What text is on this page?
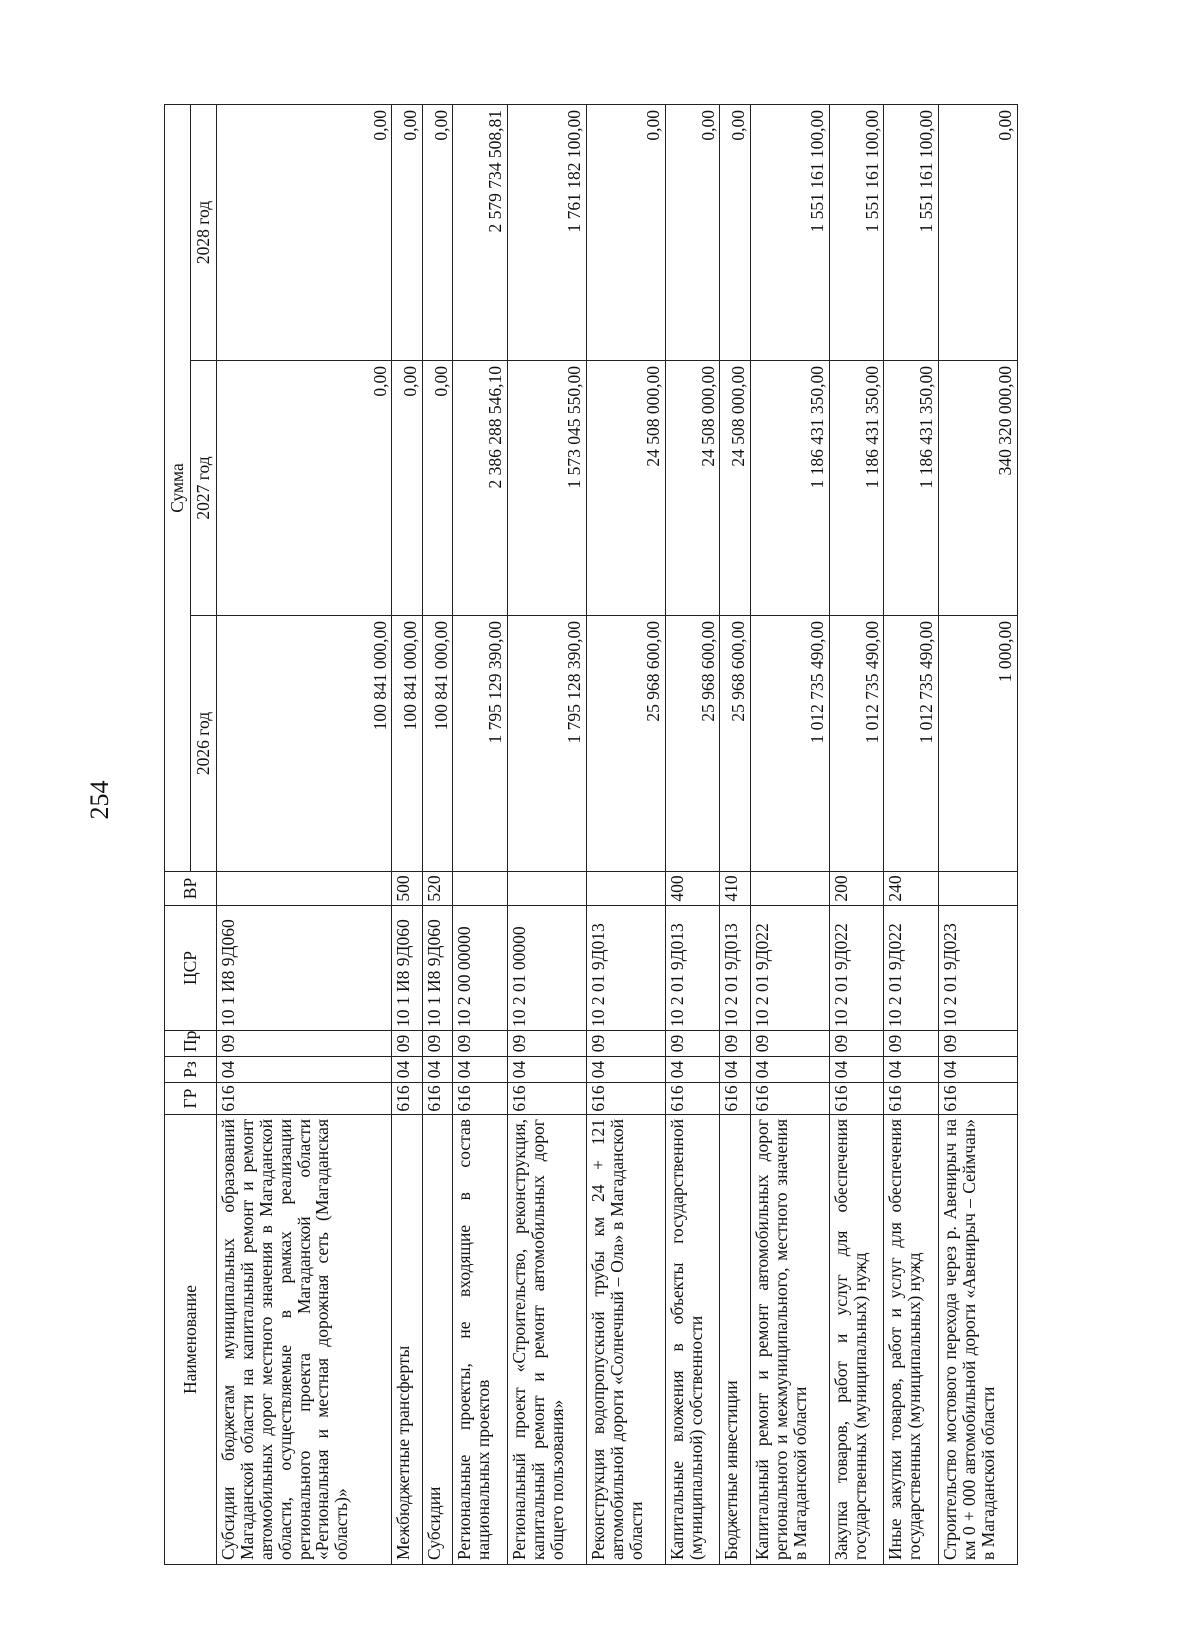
254
Наименование	ГР	Рз	Пр	ЦСР	ВР	Сумма		
						2026 год	2027 год	2028 год
Субсидии бюджетам муниципальных образований Магаданской области на капитальный ремонт и ремонт автомобильных дорог местного значения в Магаданской области, осуществляемые в рамках реализации регионального проекта Магаданской области «Региональная и местная дорожная сеть (Магаданская область)»	616	04	09	10 1 И8 9Д060		100 841 000,00	0,00	0,00
Межбюджетные трансферты	616	04	09	10 1 И8 9Д060	500	100 841 000,00	0,00	0,00
Субсидии	616	04	09	10 1 И8 9Д060	520	100 841 000,00	0,00	0,00
Региональные проекты, не входящие в состав национальных проектов	616	04	09	10 2 00 00000		1 795 129 390,00	2 386 288 546,10	2 579 734 508,81
Региональный проект «Строительство, реконструкция, капитальный ремонт и ремонт автомобильных дорог общего пользования»	616	04	09	10 2 01 00000		1 795 128 390,00	1 573 045 550,00	1 761 182 100,00
Реконструкция водопропускной трубы км 24 + 121 автомобильной дороги «Солнечный – Ола» в Магаданской области	616	04	09	10 2 01 9Д013		25 968 600,00	24 508 000,00	0,00
Капитальные вложения в объекты государственной (муниципальной) собственности	616	04	09	10 2 01 9Д013	400	25 968 600,00	24 508 000,00	0,00
Бюджетные инвестиции	616	04	09	10 2 01 9Д013	410	25 968 600,00	24 508 000,00	0,00
Капитальный ремонт и ремонт автомобильных дорог регионального и межмуниципального, местного значения в Магаданской области	616	04	09	10 2 01 9Д022		1 012 735 490,00	1 186 431 350,00	1 551 161 100,00
Закупка товаров, работ и услуг для обеспечения государственных (муниципальных) нужд	616	04	09	10 2 01 9Д022	200	1 012 735 490,00	1 186 431 350,00	1 551 161 100,00
Иные закупки товаров, работ и услуг для обеспечения государственных (муниципальных) нужд	616	04	09	10 2 01 9Д022	240	1 012 735 490,00	1 186 431 350,00	1 551 161 100,00
Строительство мостового перехода через р. Авенирыч на км 0 + 000 автомобильной дороги «Авенирыч – Сеймчан» в Магаданской области	616	04	09	10 2 01 9Д023		1 000,00	340 320 000,00	0,00
